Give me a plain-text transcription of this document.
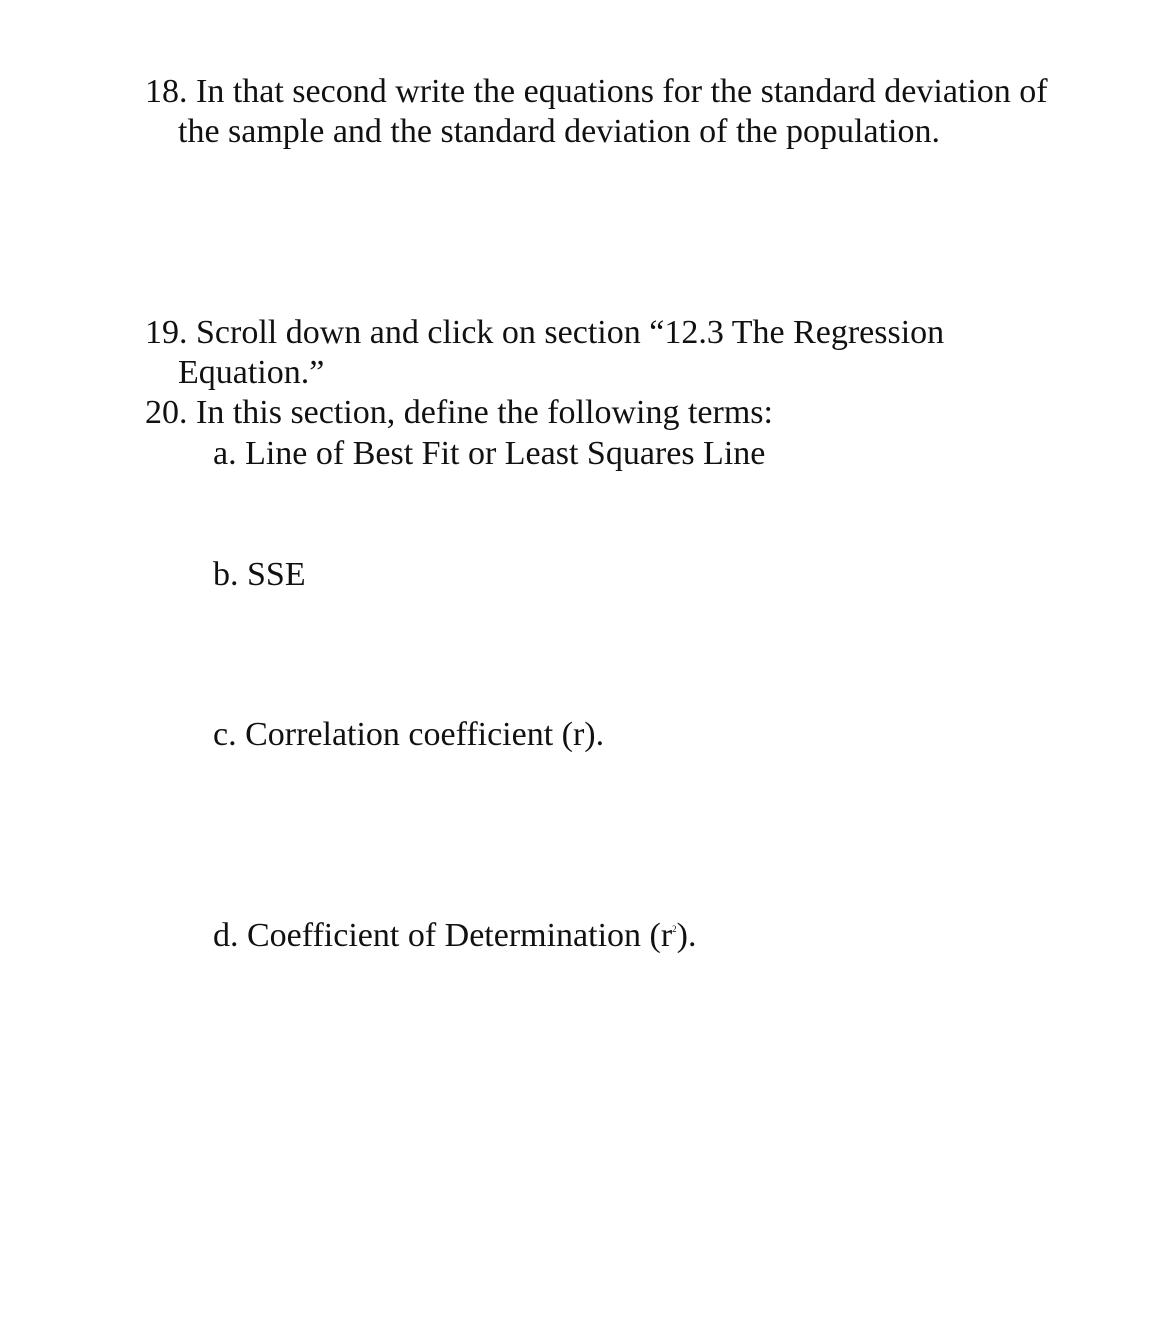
18. In that second write the equations for the standard deviation of
the sample and the standard deviation of the population.
19. Scroll down and click on section “12.3 The Regression
Equation.”
20. In this section, define the following terms:
a. Line of Best Fit or Least Squares Line
b. SSE
c. Correlation coefficient (r).
d. Coefficient of Determination $(r^2)$.
